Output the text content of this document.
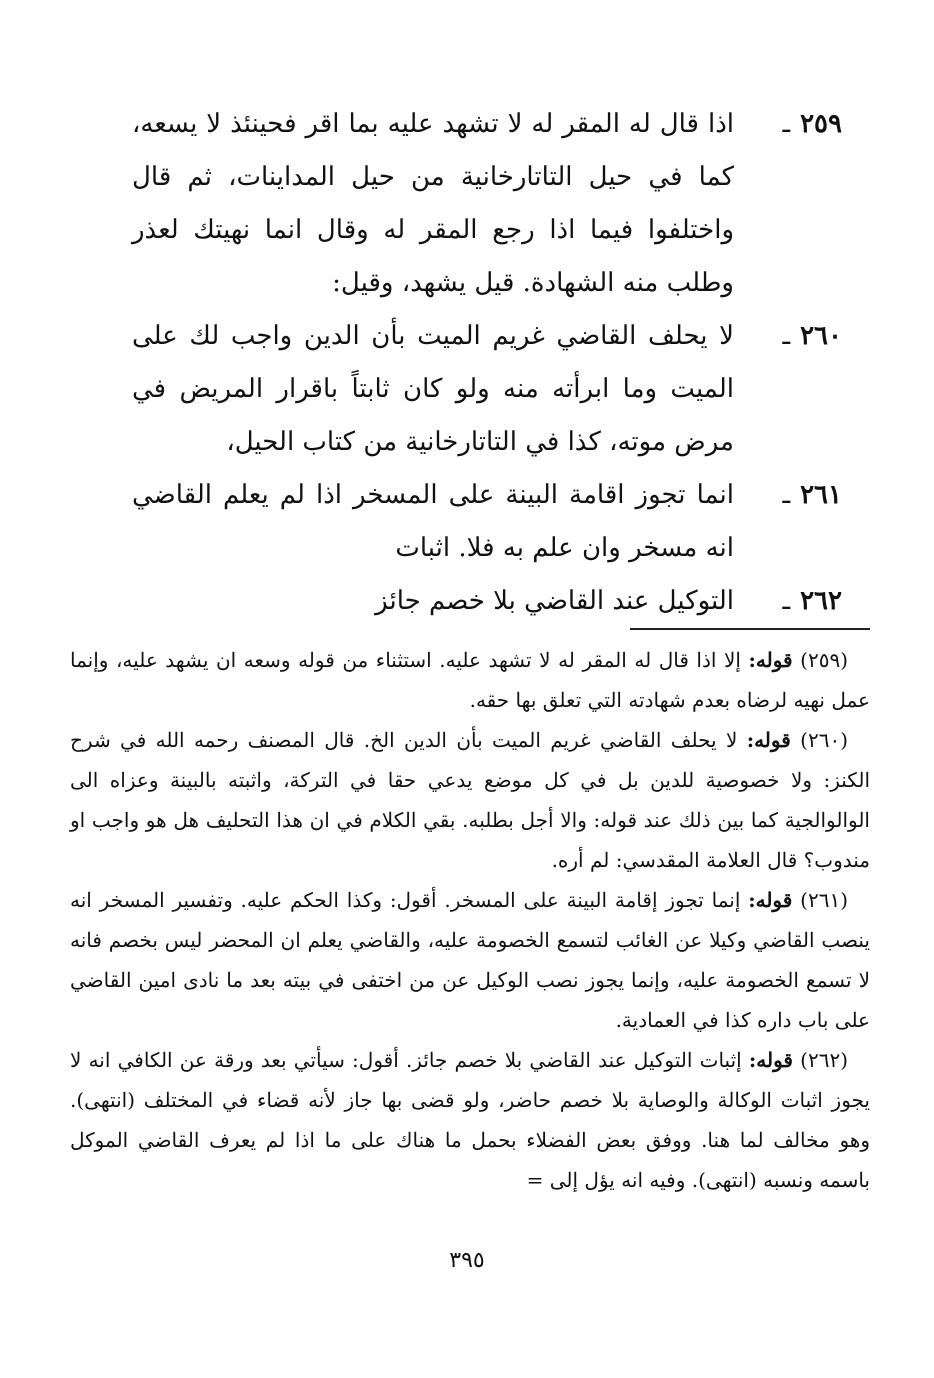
٢٥٩ـ
اذا قال له المقر له لا تشهد عليه بما اقر فحينئذ لا يسعه، كما في حيل التاتارخانية من حيل المداينات، ثم قال واختلفوا فيما اذا رجع المقر له وقال انما نهيتك لعذر وطلب منه الشهادة. قيل يشهد، وقيل:
٢٦٠ـ
لا يحلف القاضي غريم الميت بأن الدين واجب لك على الميت وما ابرأته منه ولو كان ثابتاً باقرار المريض في مرض موته، كذا في التاتارخانية من كتاب الحيل،
٢٦١ـ
انما تجوز اقامة البينة على المسخر اذا لم يعلم القاضي انه مسخر وان علم به فلا. اثبات
٢٦٢ـ
التوكيل عند القاضي بلا خصم جائز

(٢٥٩) قوله: إلا اذا قال له المقر له لا تشهد عليه. استثناء من قوله وسعه ان يشهد عليه، وإنما عمل نهيه لرضاه بعدم شهادته التي تعلق بها حقه.

(٢٦٠) قوله: لا يحلف القاضي غريم الميت بأن الدين الخ. قال المصنف رحمه الله في شرح الكنز: ولا خصوصية للدين بل في كل موضع يدعي حقا في التركة، واثبته بالبينة وعزاه الى الوالوالجية كما بين ذلك عند قوله: والا أجل بطلبه. بقي الكلام في ان هذا التحليف هل هو واجب او مندوب؟ قال العلامة المقدسي: لم أره.

(٢٦١) قوله: إنما تجوز إقامة البينة على المسخر. أقول: وكذا الحكم عليه. وتفسير المسخر انه ينصب القاضي وكيلا عن الغائب لتسمع الخصومة عليه، والقاضي يعلم ان المحضر ليس بخصم فانه لا تسمع الخصومة عليه، وإنما يجوز نصب الوكيل عن من اختفى في بيته بعد ما نادى امين القاضي على باب داره كذا في العمادية.

(٢٦٢) قوله: إثبات التوكيل عند القاضي بلا خصم جائز. أقول: سيأتي بعد ورقة عن الكافي انه لا يجوز اثبات الوكالة والوصاية بلا خصم حاضر، ولو قضى بها جاز لأنه قضاء في المختلف (انتهى). وهو مخالف لما هنا. ووفق بعض الفضلاء بحمل ما هناك على ما اذا لم يعرف القاضي الموكل باسمه ونسبه (انتهى). وفيه انه يؤل إلى =

٣٩٥
